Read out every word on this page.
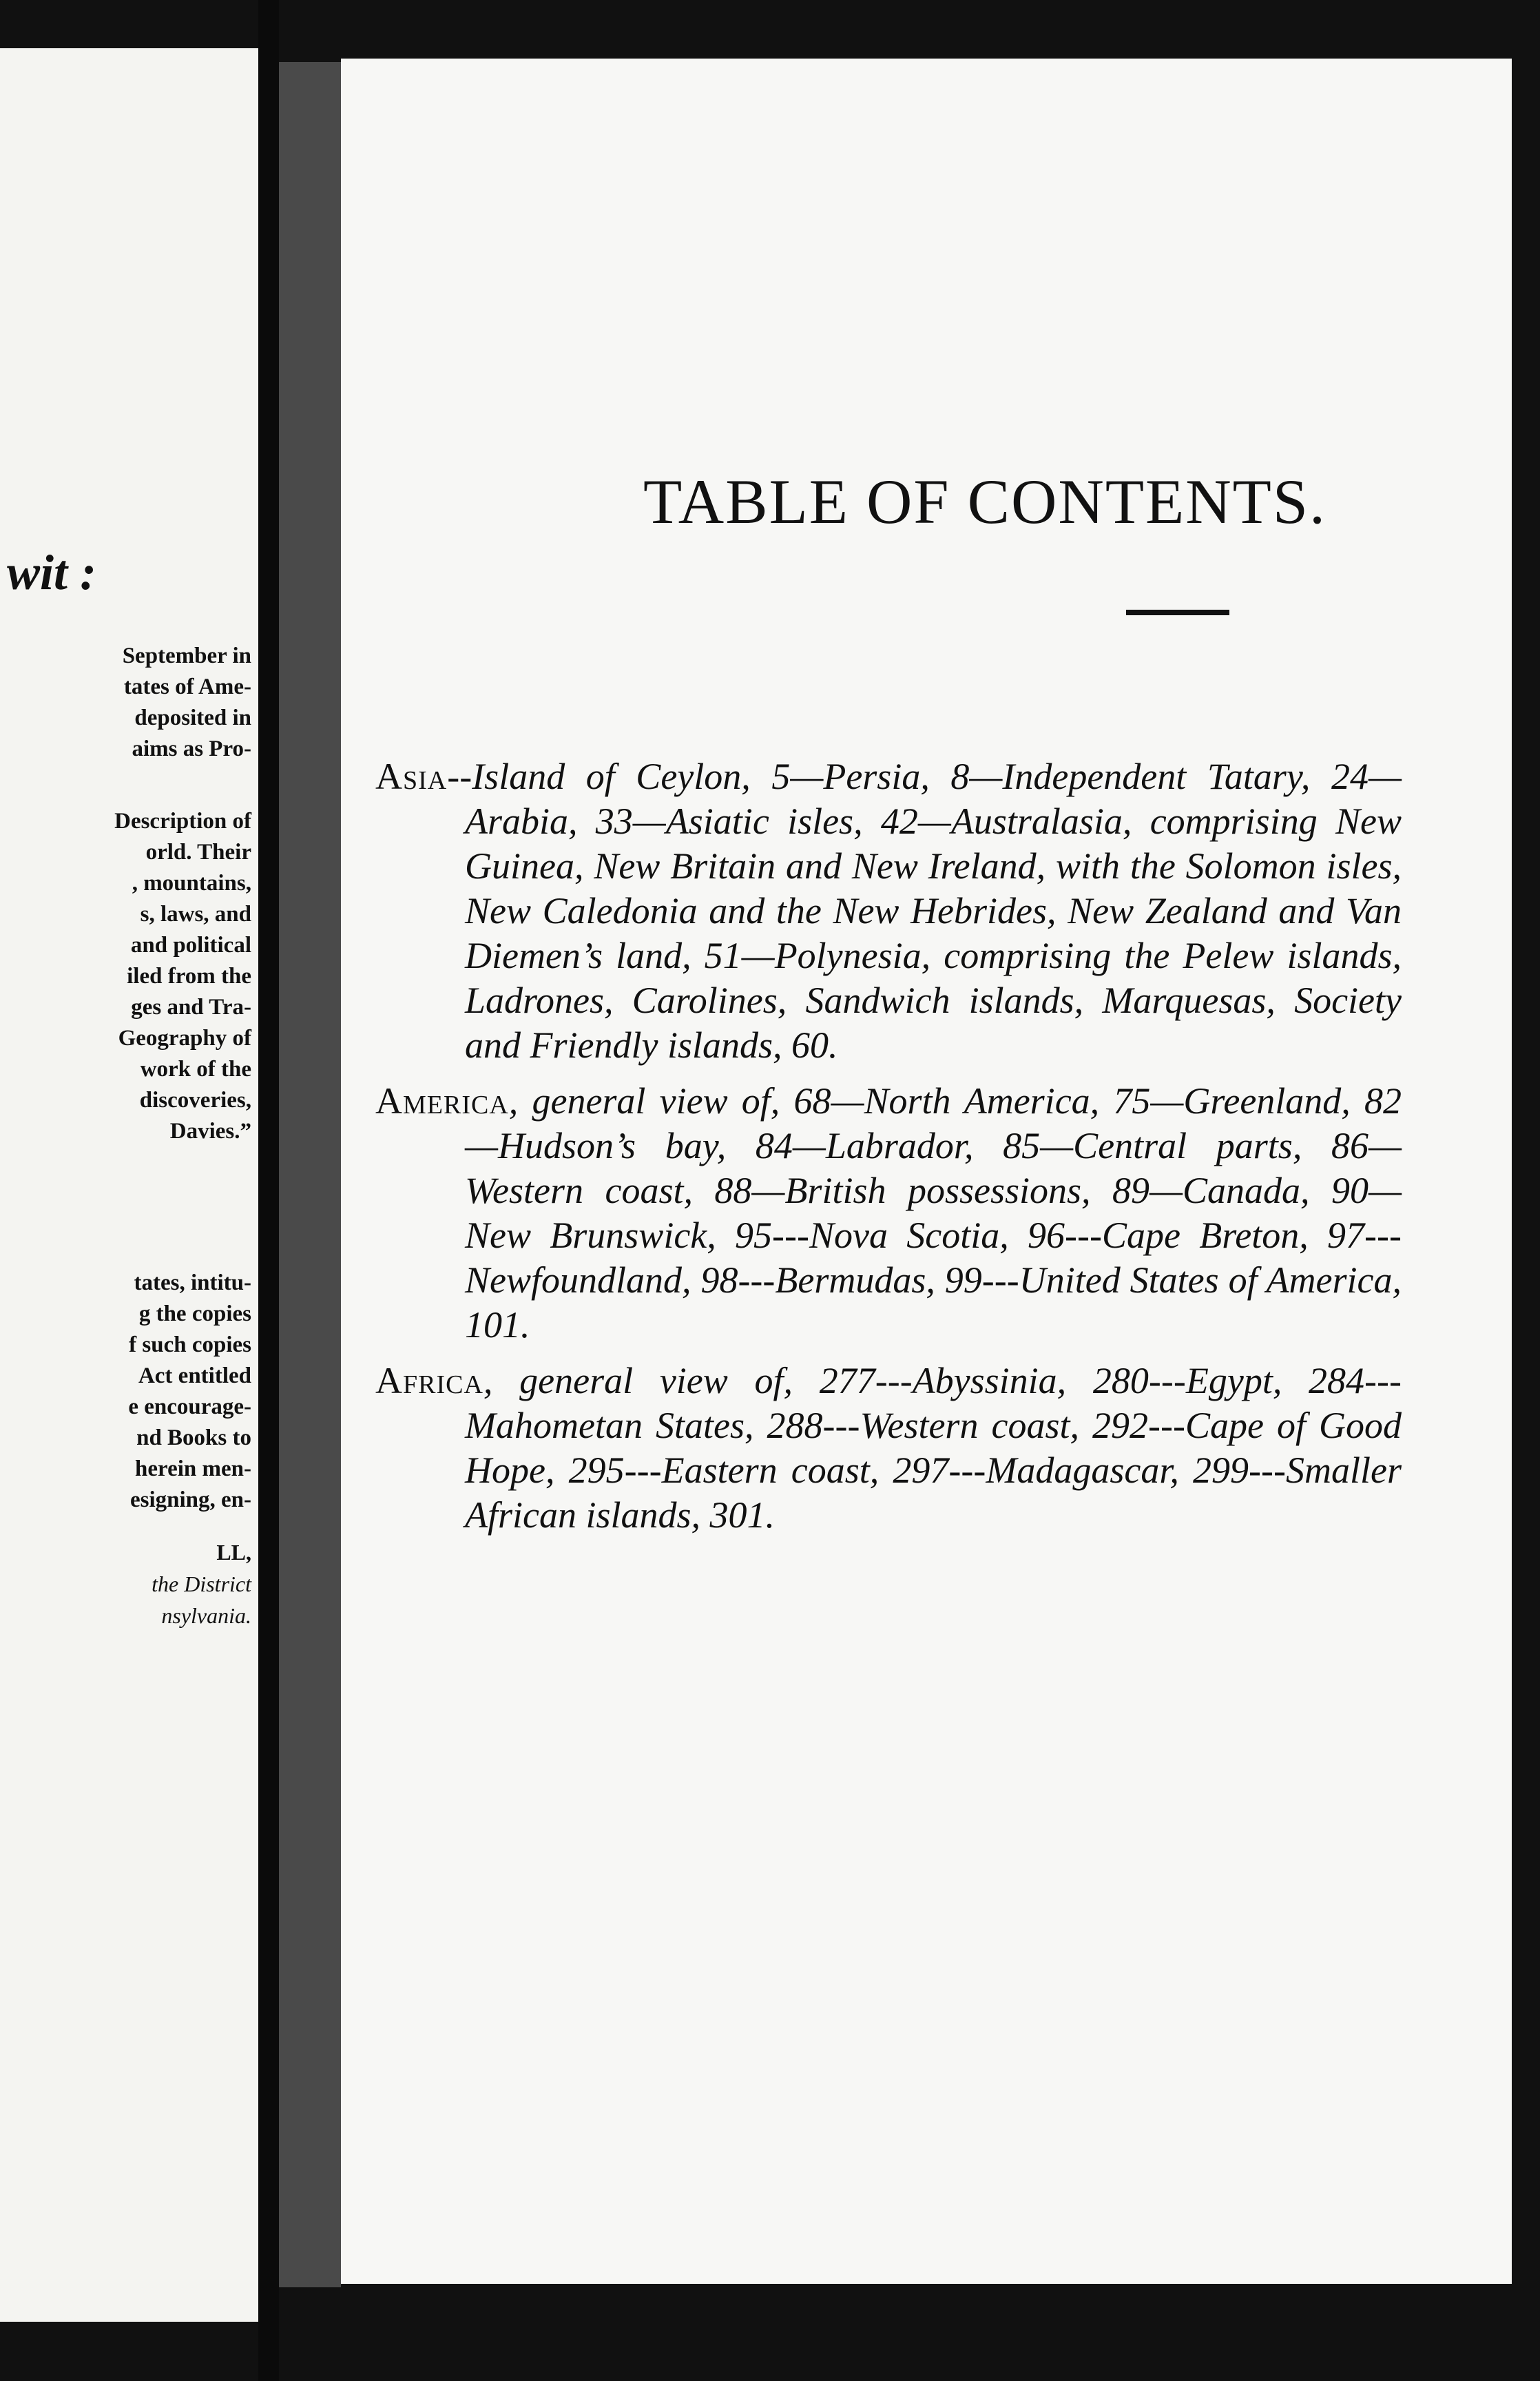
wit :

September in
tates of Ame-
deposited in
aims as Pro-
Description of
orld. Their
, mountains,
s, laws, and
and political
iled from the
ges and Tra-
Geography of
work of the
discoveries,
Davies.”
tates, intitu-
g the copies
f such copies
Act entitled
e encourage-
nd Books to
herein men-
esigning, en-
LL,
the District
nsylvania.
TABLE OF CONTENTS.

Asia--Island of Ceylon, 5—Persia, 8—Independent Tatary, 24—Arabia, 33—Asiatic isles, 42—Australasia, comprising New Guinea, New Britain and New Ireland, with the Solomon isles, New Caledonia and the New Hebrides, New Zealand and Van Diemen’s land, 51—Polynesia, comprising the Pelew islands, Ladrones, Carolines, Sandwich islands, Marquesas, Society and Friendly islands, 60.

America, general view of, 68—North America, 75—Greenland, 82—Hudson’s bay, 84—Labrador, 85—Central parts, 86—Western coast, 88—British possessions, 89—Canada, 90—New Brunswick, 95---Nova Scotia, 96---Cape Breton, 97---Newfoundland, 98---Bermudas, 99---United States of America, 101.

Africa, general view of, 277---Abyssinia, 280---Egypt, 284---Mahometan States, 288---Western coast, 292---Cape of Good Hope, 295---Eastern coast, 297---Madagascar, 299---Smaller African islands, 301.
